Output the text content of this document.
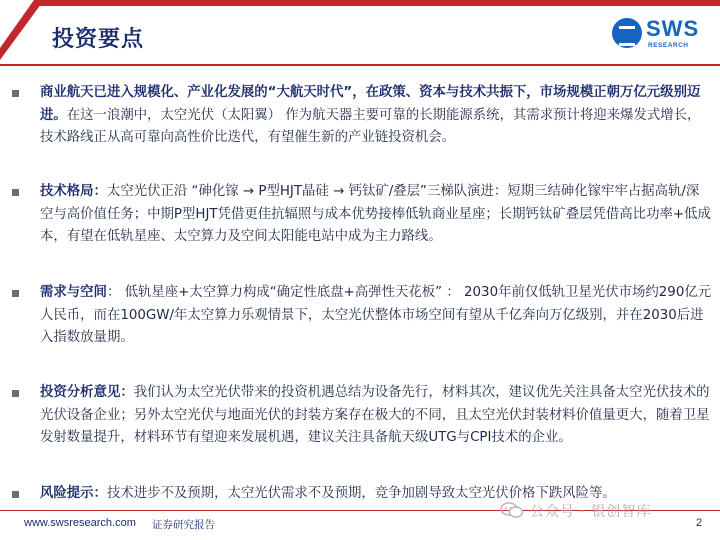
投资要点	SWS
RESEARCH
商业航天已进入规模化、产业化发展的“大航天时代”，在政策、资本与技术共振下，市场规模正朝万亿元级别迈进。在这一浪潮中，太空光伏（太阳翼） 作为航天器主要可靠的长期能源系统，其需求预计将迎来爆发式增长，技术路线正从高可靠向高性价比迭代，有望催生新的产业链投资机会。
技术格局：太空光伏正沿 “砷化镓 → P型HJT晶硅 → 钙钛矿/叠层”三梯队演进：短期三结砷化镓牢牢占据高轨/深空与高价值任务；中期P型HJT凭借更佳抗辐照与成本优势接棒低轨商业星座；长期钙钛矿叠层凭借高比功率+低成本，有望在低轨星座、太空算力及空间太阳能电站中成为主力路线。
需求与空间： 低轨星座+太空算力构成“确定性底盘+高弹性天花板” ： 2030年前仅低轨卫星光伏市场约290亿元人民币，而在100GW/年太空算力乐观情景下，太空光伏整体市场空间有望从千亿奔向万亿级别，并在2030后进入指数放量期。
投资分析意见：我们认为太空光伏带来的投资机遇总结为设备先行，材料其次，建议优先关注具备太空光伏技术的光伏设备企业；另外太空光伏与地面光伏的封装方案存在极大的不同，且太空光伏封装材料价值量更大，随着卫星发射数量提升，材料环节有望迎来发展机遇，建议关注具备航天级UTG与CPI技术的企业。
风险提示：技术进步不及预期，太空光伏需求不及预期，竞争加剧导致太空光伏价格下跌风险等。
www.swsresearch.com 证券研究报告
公众号 · 银创智库
2
